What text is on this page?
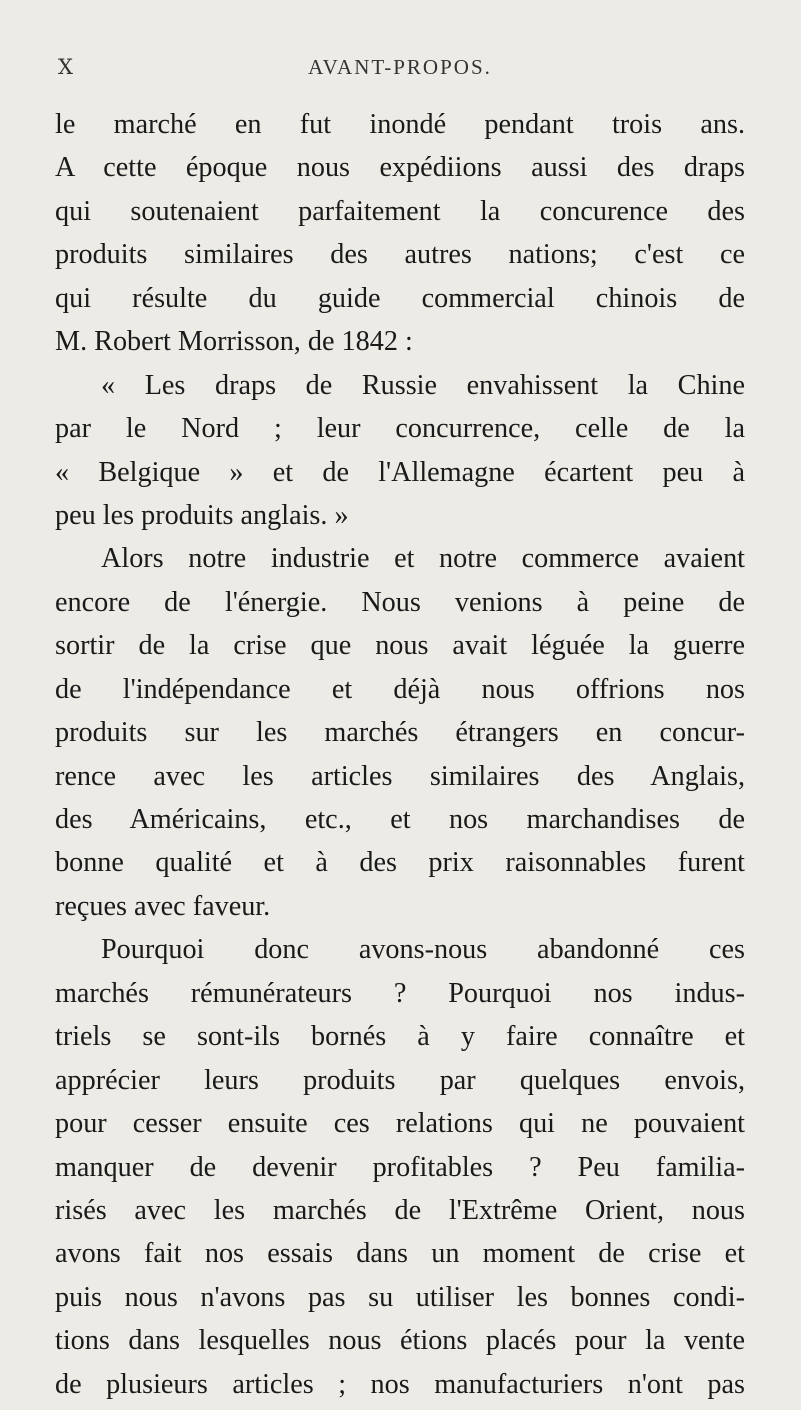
X	AVANT-PROPOS.
le marché en fut inondé pendant trois ans.
A cette époque nous expédiions aussi des draps
qui soutenaient parfaitement la concurence des
produits similaires des autres nations; c'est ce
qui résulte du guide commercial chinois de
M. Robert Morrisson, de 1842 :
« Les draps de Russie envahissent la Chine
par le Nord ; leur concurrence, celle de la
« Belgique » et de l'Allemagne écartent peu à
peu les produits anglais. »
Alors notre industrie et notre commerce avaient
encore de l'énergie. Nous venions à peine de
sortir de la crise que nous avait léguée la guerre
de l'indépendance et déjà nous offrions nos
produits sur les marchés étrangers en concur-
rence avec les articles similaires des Anglais,
des Américains, etc., et nos marchandises de
bonne qualité et à des prix raisonnables furent
reçues avec faveur.
Pourquoi donc avons-nous abandonné ces
marchés rémunérateurs ? Pourquoi nos indus-
triels se sont-ils bornés à y faire connaître et
apprécier leurs produits par quelques envois,
pour cesser ensuite ces relations qui ne pouvaient
manquer de devenir profitables ? Peu familia-
risés avec les marchés de l'Extrême Orient, nous
avons fait nos essais dans un moment de crise et
puis nous n'avons pas su utiliser les bonnes condi-
tions dans lesquelles nous étions placés pour la vente
de plusieurs articles ; nos manufacturiers n'ont pas
